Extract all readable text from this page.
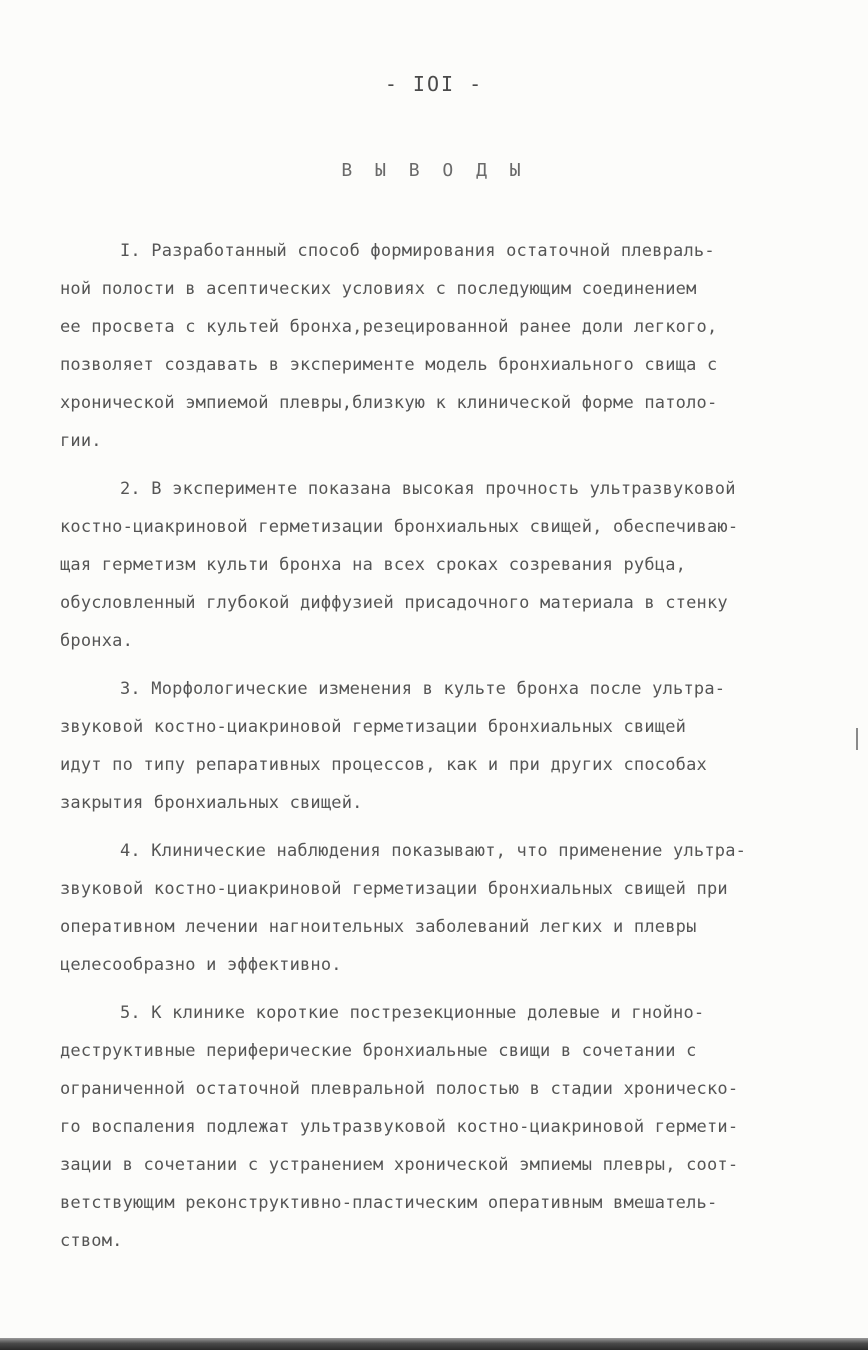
- IOI -
В Ы В О Д Ы
I. Разработанный способ формирования остаточной плевраль-
ной полости в асептических условиях с последующим соединением
ее просвета с культей бронха,резецированной ранее доли легкого,
позволяет создавать в эксперименте модель бронхиального свища с
хронической эмпиемой плевры,близкую к клинической форме патоло-
гии.
2. В эксперименте показана высокая прочность ультразвуковой
костно-циакриновой герметизации бронхиальных свищей, обеспечиваю-
щая герметизм культи бронха на всех сроках созревания рубца,
обусловленный глубокой диффузией присадочного материала в стенку
бронха.
3. Морфологические изменения в культе бронха после ультра-
звуковой костно-циакриновой герметизации бронхиальных свищей
идут по типу репаративных процессов, как и при других способах
закрытия бронхиальных свищей.
4. Клинические наблюдения показывают, что применение ультра-
звуковой костно-циакриновой герметизации бронхиальных свищей при
оперативном лечении нагноительных заболеваний легких и плевры
целесообразно и эффективно.
5. К клинике короткие пострезекционные долевые и гнойно-
деструктивные периферические бронхиальные свищи в сочетании с
ограниченной остаточной плевральной полостью в стадии хроническо-
го воспаления подлежат ультразвуковой костно-циакриновой гермети-
зации в сочетании с устранением хронической эмпиемы плевры, соот-
ветствующим реконструктивно-пластическим оперативным вмешатель-
ством.
